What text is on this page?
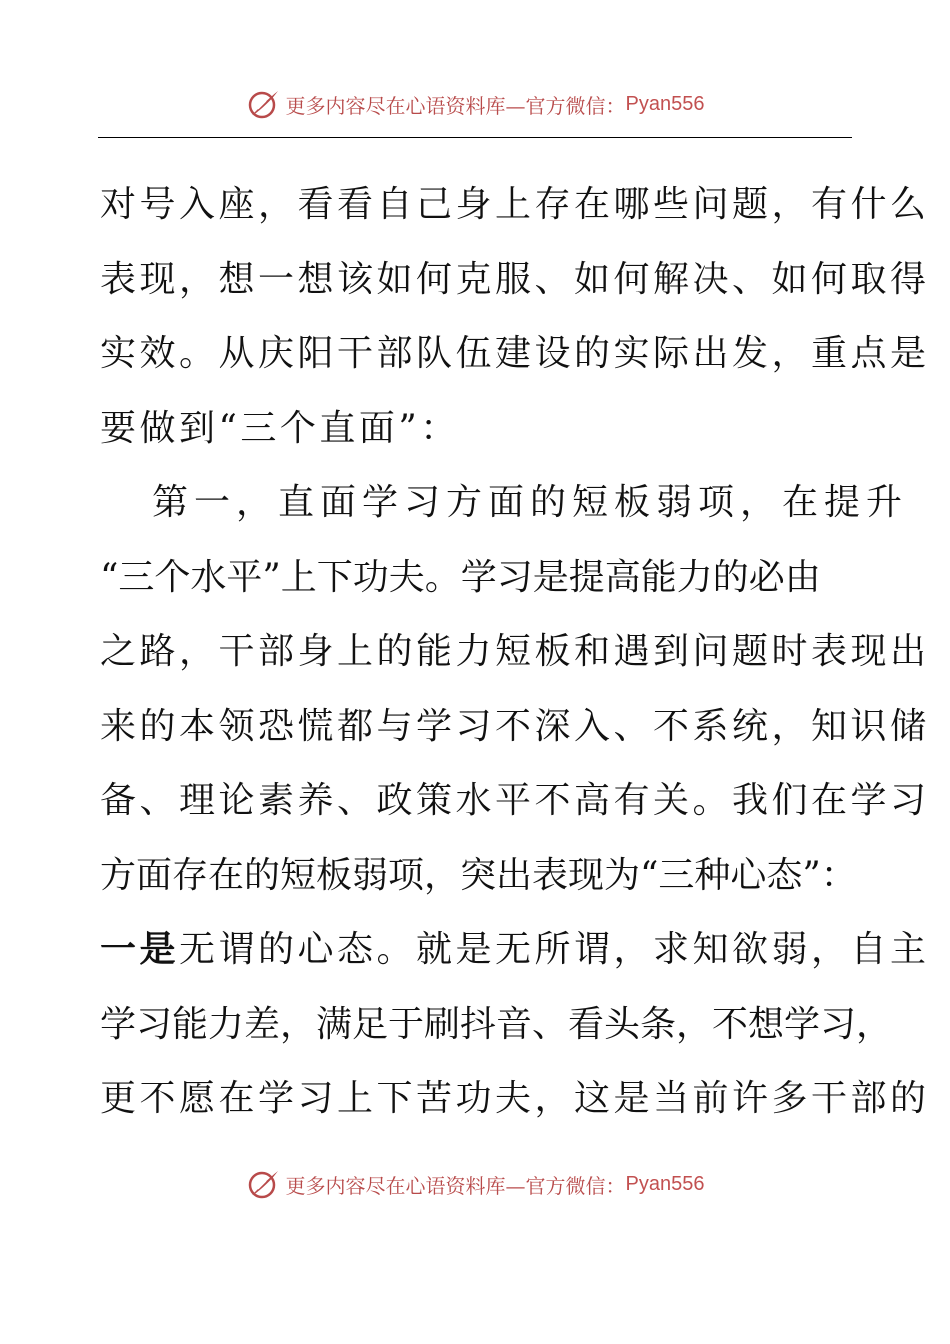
更多内容尽在心语资料库—官方微信： Pyan556
对号入座，看看自己身上存在哪些问题，有什么
表现，想一想该如何克服、如何解决、如何取得
实效。从庆阳干部队伍建设的实际出发，重点是
要做到“三个直面”：
第一，直面学习方面的短板弱项，在提升
“三个水平”上下功夫。学习是提高能力的必由
之路，干部身上的能力短板和遇到问题时表现出
来的本领恐慌都与学习不深入、不系统，知识储
备、理论素养、政策水平不高有关。我们在学习
方面存在的短板弱项，突出表现为“三种心态”：
一是无谓的心态。就是无所谓，求知欲弱，自主
学习能力差，满足于刷抖音、看头条，不想学习，
更不愿在学习上下苦功夫，这是当前许多干部的
更多内容尽在心语资料库—官方微信： Pyan556
